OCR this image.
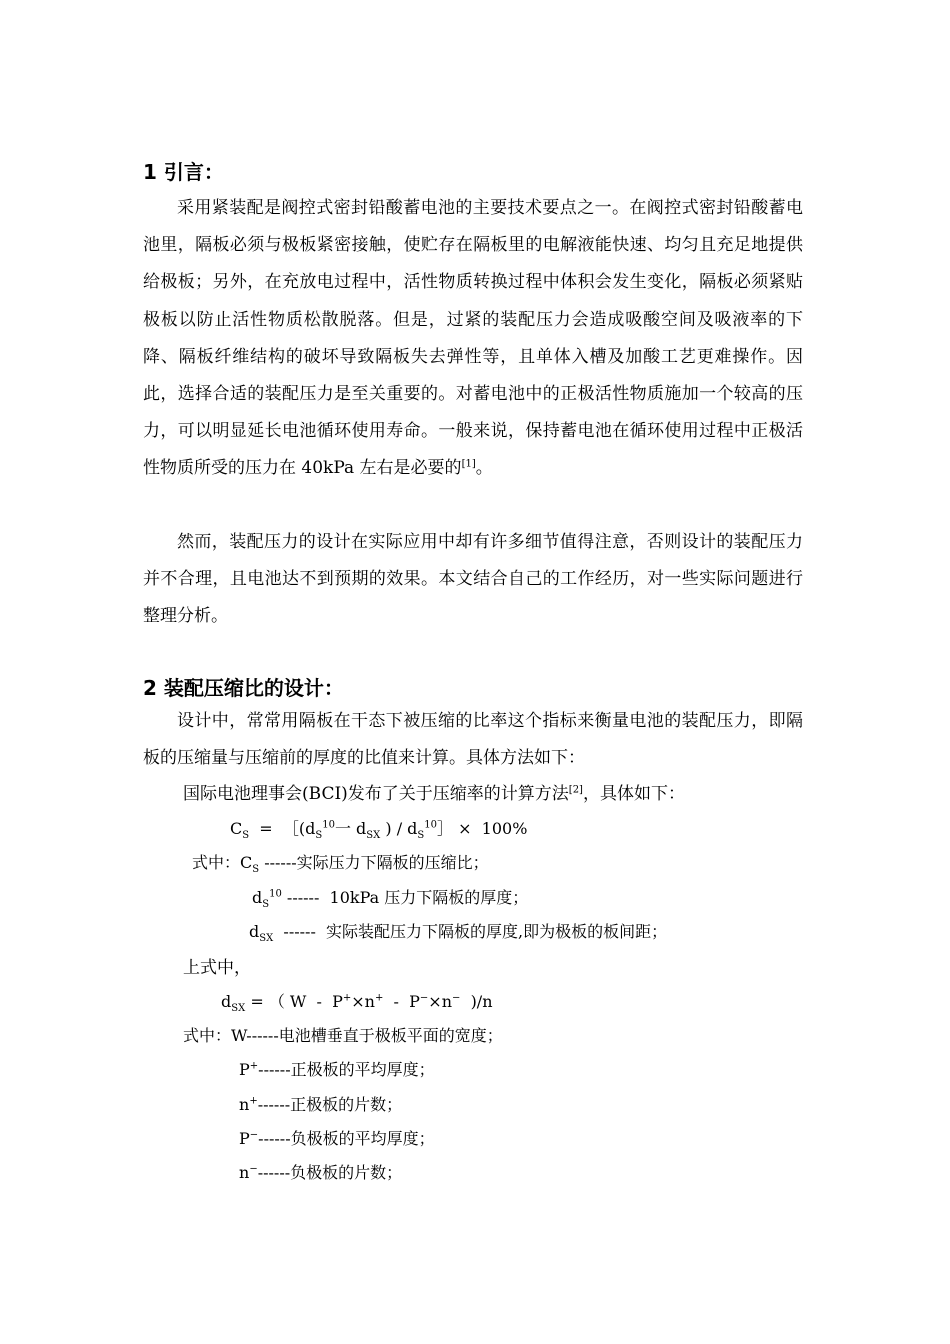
1 引言：

采用紧装配是阀控式密封铅酸蓄电池的主要技术要点之一。在阀控式密封铅酸蓄电池里，隔板必须与极板紧密接触，使贮存在隔板里的电解液能快速、均匀且充足地提供给极板；另外，在充放电过程中，活性物质转换过程中体积会发生变化，隔板必须紧贴极板以防止活性物质松散脱落。但是，过紧的装配压力会造成吸酸空间及吸液率的下降、隔板纤维结构的破坏导致隔板失去弹性等，且单体入槽及加酸工艺更难操作。因此，选择合适的装配压力是至关重要的。对蓄电池中的正极活性物质施加一个较高的压力，可以明显延长电池循环使用寿命。一般来说，保持蓄电池在循环使用过程中正极活性物质所受的压力在 40kPa 左右是必要的[1]。

然而，装配压力的设计在实际应用中却有许多细节值得注意，否则设计的装配压力并不合理，且电池达不到预期的效果。本文结合自己的工作经历，对一些实际问题进行整理分析。

2 装配压缩比的设计：

设计中，常常用隔板在干态下被压缩的比率这个指标来衡量电池的装配压力，即隔板的压缩量与压缩前的厚度的比值来计算。具体方法如下：

国际电池理事会(BCI)发布了关于压缩率的计算方法[2]，具体如下：
$C_S$  =  $[(d_S^{10}$一 $d_{SX}$ ) / $d_S^{10}] \times 100\%$
式中：$C_S$ ------实际压力下隔板的压缩比；
$d_S^{10}$ ------  10kPa 压力下隔板的厚度；
$d_{SX}$  ------  实际装配压力下隔板的厚度,即为极板的板间距；
上式中，
$d_{SX}$ = （ W  -  P+×n+  -  P−×n−  )/n
式中：W------电池槽垂直于极板平面的宽度；
P+------正极板的平均厚度；
n+------正极板的片数；
P−------负极板的平均厚度；
n−------负极板的片数；
